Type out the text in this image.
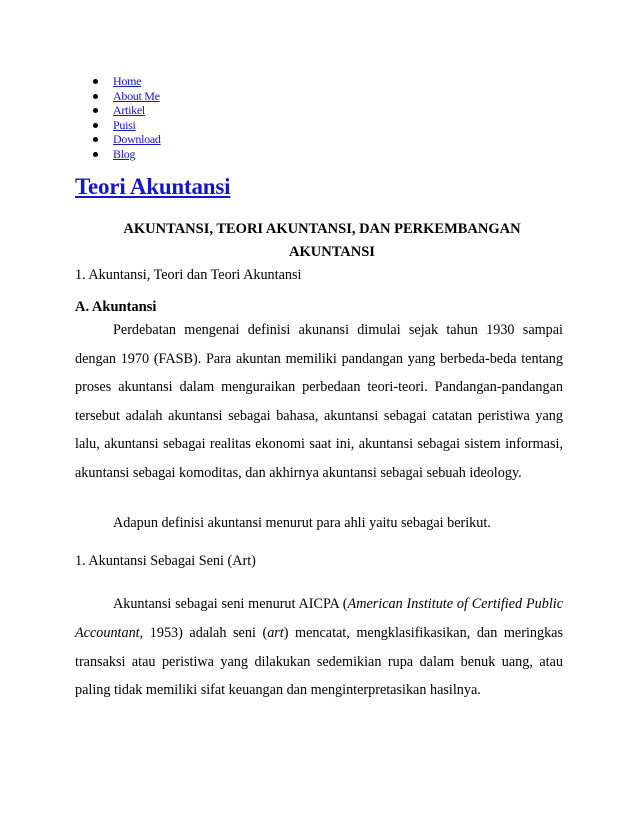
Home
About Me
Artikel
Puisi
Download
Blog
Teori Akuntansi
AKUNTANSI, TEORI AKUNTANSI, DAN PERKEMBANGAN
AKUNTANSI
1. Akuntansi, Teori dan Teori Akuntansi
A. Akuntansi
Perdebatan mengenai definisi akunansi dimulai sejak tahun 1930 sampai dengan 1970 (FASB). Para akuntan memiliki pandangan yang berbeda-beda tentang proses akuntansi dalam menguraikan perbedaan teori-teori. Pandangan-pandangan tersebut adalah akuntansi sebagai bahasa, akuntansi sebagai catatan peristiwa yang lalu, akuntansi sebagai realitas ekonomi saat ini, akuntansi sebagai sistem informasi, akuntansi sebagai komoditas, dan akhirnya akuntansi sebagai sebuah ideology.
Adapun definisi akuntansi menurut para ahli yaitu sebagai berikut.
1. Akuntansi Sebagai Seni (Art)
Akuntansi sebagai seni menurut AICPA (American Institute of Certified Public Accountant, 1953) adalah seni (art) mencatat, mengklasifikasikan, dan meringkas transaksi atau peristiwa yang dilakukan sedemikian rupa dalam benuk uang, atau paling tidak memiliki sifat keuangan dan menginterpretasikan hasilnya.
